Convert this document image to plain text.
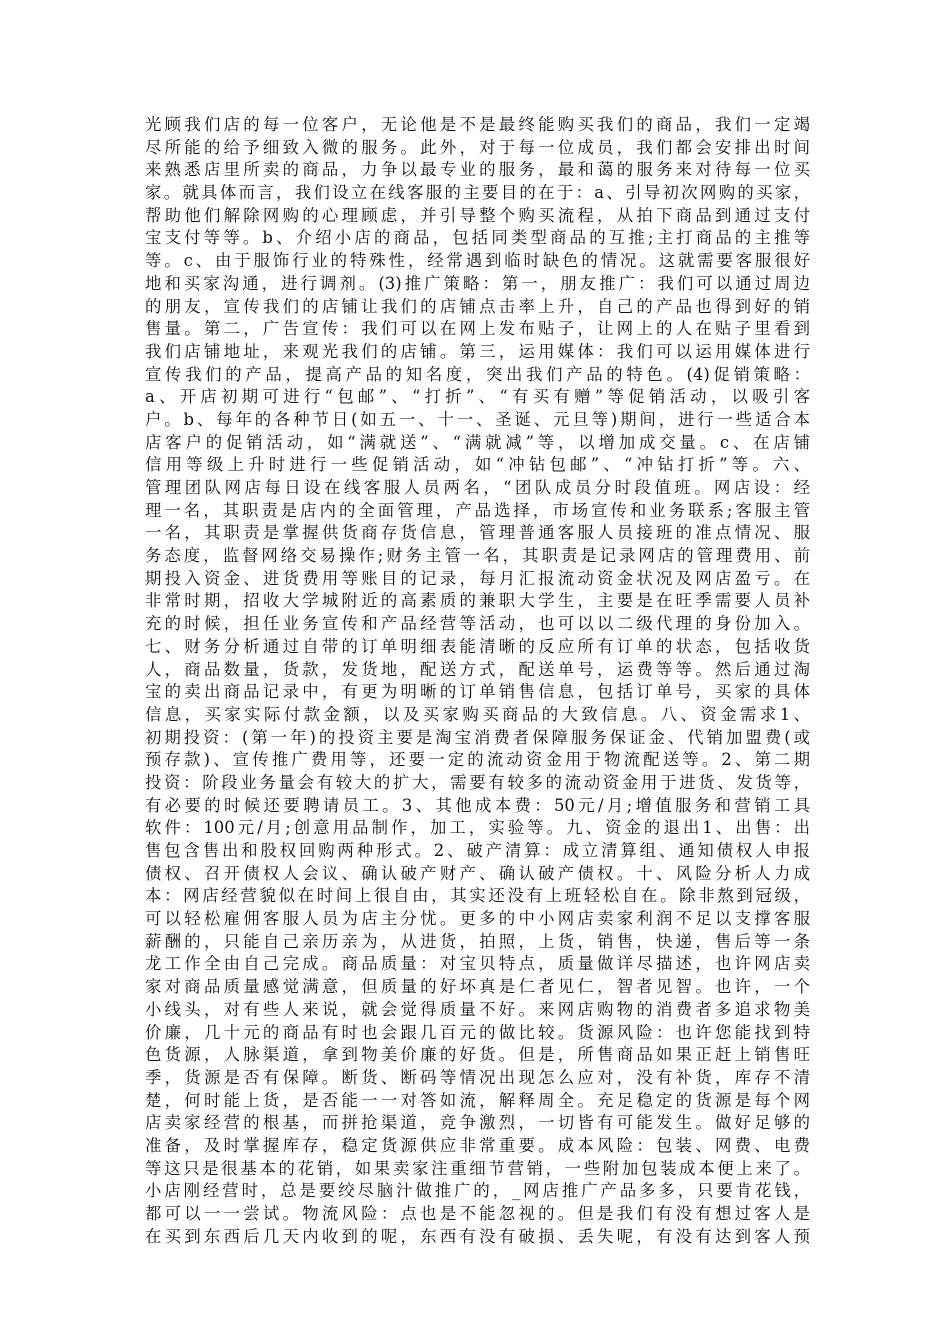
光顾我们店的每一位客户，无论他是不是最终能购买我们的商品，我们一定竭
尽所能的给予细致入微的服务。此外，对于每一位成员，我们都会安排出时间
来熟悉店里所卖的商品，力争以最专业的服务，最和蔼的服务来对待每一位买
家。就具体而言，我们设立在线客服的主要目的在于：a、引导初次网购的买家，
帮助他们解除网购的心理顾虑，并引导整个购买流程，从拍下商品到通过支付
宝支付等等。b、介绍小店的商品，包括同类型商品的互推;主打商品的主推等
等。c、由于服饰行业的特殊性，经常遇到临时缺色的情况。这就需要客服很好
地和买家沟通，进行调剂。(3)推广策略：第一，朋友推广：我们可以通过周边
的朋友，宣传我们的店铺让我们的店铺点击率上升，自己的产品也得到好的销
售量。第二，广告宣传：我们可以在网上发布贴子，让网上的人在贴子里看到
我们店铺地址，来观光我们的店铺。第三，运用媒体：我们可以运用媒体进行
宣传我们的产品，提高产品的知名度，突出我们产品的特色。(4)促销策略：
a、开店初期可进行“包邮”、“打折”、“有买有赠”等促销活动，以吸引客
户。b、每年的各种节日(如五一、十一、圣诞、元旦等)期间，进行一些适合本
店客户的促销活动，如“满就送”、“满就减”等，以增加成交量。c、在店铺
信用等级上升时进行一些促销活动，如“冲钻包邮”、“冲钻打折”等。六、
管理团队网店每日设在线客服人员两名，“团队成员分时段值班。网店设：经
理一名，其职责是店内的全面管理，产品选择，市场宣传和业务联系;客服主管
一名，其职责是掌握供货商存货信息，管理普通客服人员接班的准点情况、服
务态度，监督网络交易操作;财务主管一名，其职责是记录网店的管理费用、前
期投入资金、进货费用等账目的记录，每月汇报流动资金状况及网店盈亏。在
非常时期，招收大学城附近的高素质的兼职大学生，主要是在旺季需要人员补
充的时候，担任业务宣传和产品经营等活动，也可以以二级代理的身份加入。
七、财务分析通过自带的订单明细表能清晰的反应所有订单的状态，包括收货
人，商品数量，货款，发货地，配送方式，配送单号，运费等等。然后通过淘
宝的卖出商品记录中，有更为明晰的订单销售信息，包括订单号，买家的具体
信息，买家实际付款金额，以及买家购买商品的大致信息。八、资金需求1、
初期投资：(第一年)的投资主要是淘宝消费者保障服务保证金、代销加盟费(或
预存款)、宣传推广费用等，还要一定的流动资金用于物流配送等。2、第二期
投资：阶段业务量会有较大的扩大，需要有较多的流动资金用于进货、发货等，
有必要的时候还要聘请员工。3、其他成本费：50元/月;增值服务和营销工具
软件：100元/月;创意用品制作，加工，实验等。九、资金的退出1、出售：出
售包含售出和股权回购两种形式。2、破产清算：成立清算组、通知债权人申报
债权、召开债权人会议、确认破产财产、确认破产债权。十、风险分析人力成
本：网店经营貌似在时间上很自由，其实还没有上班轻松自在。除非熬到冠级，
可以轻松雇佣客服人员为店主分忧。更多的中小网店卖家利润不足以支撑客服
薪酬的，只能自己亲历亲为，从进货，拍照，上货，销售，快递，售后等一条
龙工作全由自己完成。商品质量：对宝贝特点，质量做详尽描述，也许网店卖
家对商品质量感觉满意，但质量的好坏真是仁者见仁，智者见智。也许，一个
小线头，对有些人来说，就会觉得质量不好。来网店购物的消费者多追求物美
价廉，几十元的商品有时也会跟几百元的做比较。货源风险：也许您能找到特
色货源，人脉渠道，拿到物美价廉的好货。但是，所售商品如果正赶上销售旺
季，货源是否有保障。断货、断码等情况出现怎么应对，没有补货，库存不清
楚，何时能上货，是否能一一对答如流，解释周全。充足稳定的货源是每个网
店卖家经营的根基，而拼抢渠道，竞争激烈，一切皆有可能发生。做好足够的
准备，及时掌握库存，稳定货源供应非常重要。成本风险：包装、网费、电费
等这只是很基本的花销，如果卖家注重细节营销，一些附加包装成本便上来了。
小店刚经营时，总是要绞尽脑汁做推广的，_网店推广产品多多，只要肯花钱，
都可以一一尝试。物流风险：点也是不能忽视的。但是我们有没有想过客人是
在买到东西后几天内收到的呢，东西有没有破损、丢失呢，有没有达到客人预
